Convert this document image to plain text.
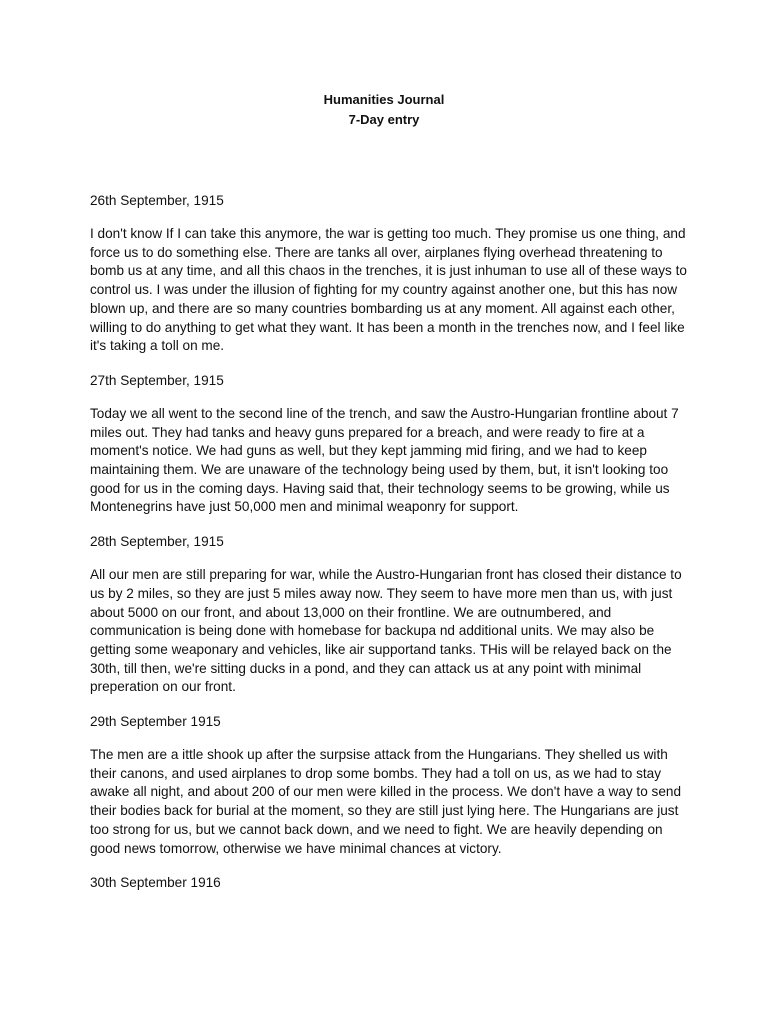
Humanities Journal
7-Day entry

26th September, 1915

I don't know If I can take this anymore, the war is getting too much. They promise us one thing, and force us to do something else. There are tanks all over, airplanes flying overhead threatening to bomb us at any time, and all this chaos in the trenches, it is just inhuman to use all of these ways to control us. I was under the illusion of fighting for my country against another one, but this has now blown up, and there are so many countries bombarding us at any moment. All against each other, willing to do anything to get what they want. It has been a month in the trenches now, and I feel like it's taking a toll on me.

27th September, 1915

Today we all went to the second line of the trench, and saw the Austro-Hungarian frontline about 7 miles out. They had tanks and heavy guns prepared for a breach, and were ready to fire at a moment's notice. We had guns as well, but they kept jamming mid firing, and we had to keep maintaining them. We are unaware of the technology being used by them, but, it isn't looking too good for us in the coming days. Having said that, their technology seems to be growing, while us Montenegrins have just 50,000 men and minimal weaponry for support.

28th September, 1915

All our men are still preparing for war, while the Austro-Hungarian front has closed their distance to us by 2 miles, so they are just 5 miles away now. They seem to have more men than us, with just about 5000 on our front, and about 13,000 on their frontline. We are outnumbered, and communication is being done with homebase for backupa nd additional units. We may also be getting some weaponary and vehicles, like air supportand tanks. THis will be relayed back on the 30th, till then, we're sitting ducks in a pond, and they can attack us at any point with minimal preperation on our front.

29th September 1915

The men are a ittle shook up after the surpsise attack from the Hungarians. They shelled us with their canons, and used airplanes to drop some bombs. They had a toll on us, as we had to stay awake all night, and about 200 of our men were killed in the process. We don't have a way to send their bodies back for burial at the moment, so they are still just lying here. The Hungarians are just too strong for us, but we cannot back down, and we need to fight. We are heavily depending on good news tomorrow, otherwise we have minimal chances at victory.

30th September 1916
